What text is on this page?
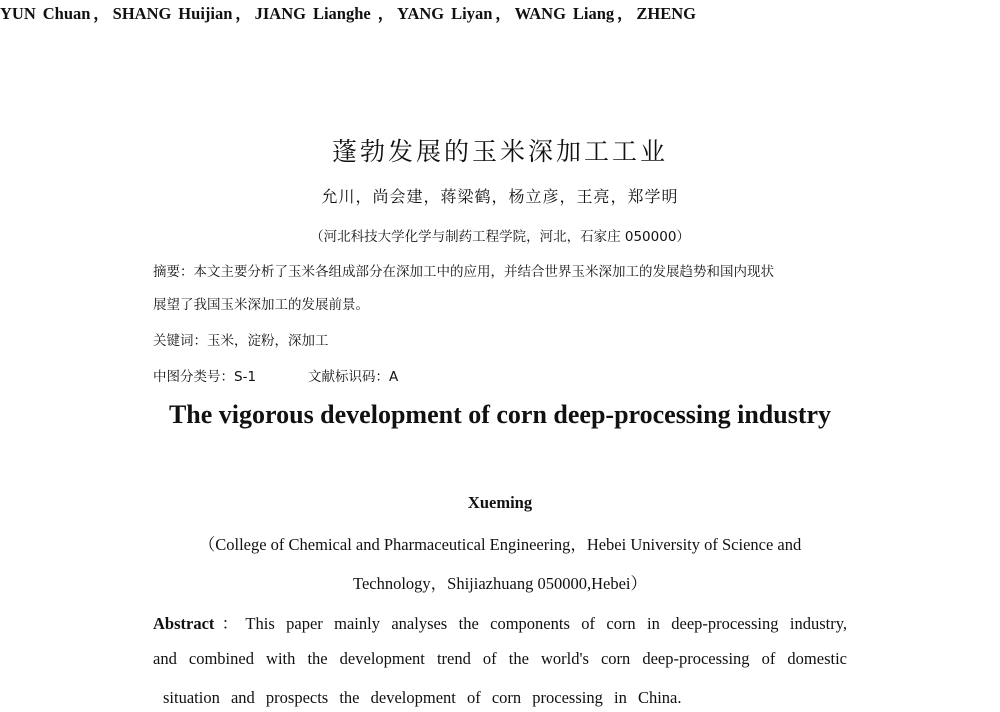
蓬勃发展的玉米深加工工业
允川，尚会建，蒋梁鹤，杨立彦，王亮，郑学明
（河北科技大学化学与制药工程学院，河北，石家庄 050000）
摘要：本文主要分析了玉米各组成部分在深加工中的应用，并结合世界玉米深加工的发展趋势和国内现状
展望了我国玉米深加工的发展前景。
关键词：玉米，淀粉，深加工
中图分类号：S-1	文献标识码：A
The vigorous development of corn deep-processing industry
YUN Chuan，SHANG Huijian，JIANG Lianghe ，YANG Liyan，WANG Liang，ZHENG
Xueming
（College of Chemical and Pharmaceutical Engineering，Hebei University of Science and
Technology，Shijiazhuang 050000,Hebei）
Abstract：This paper mainly analyses the components of corn in deep-processing industry,
and combined with the development trend of the world's corn deep-processing of domestic
situation and prospects the development of corn processing in China.
